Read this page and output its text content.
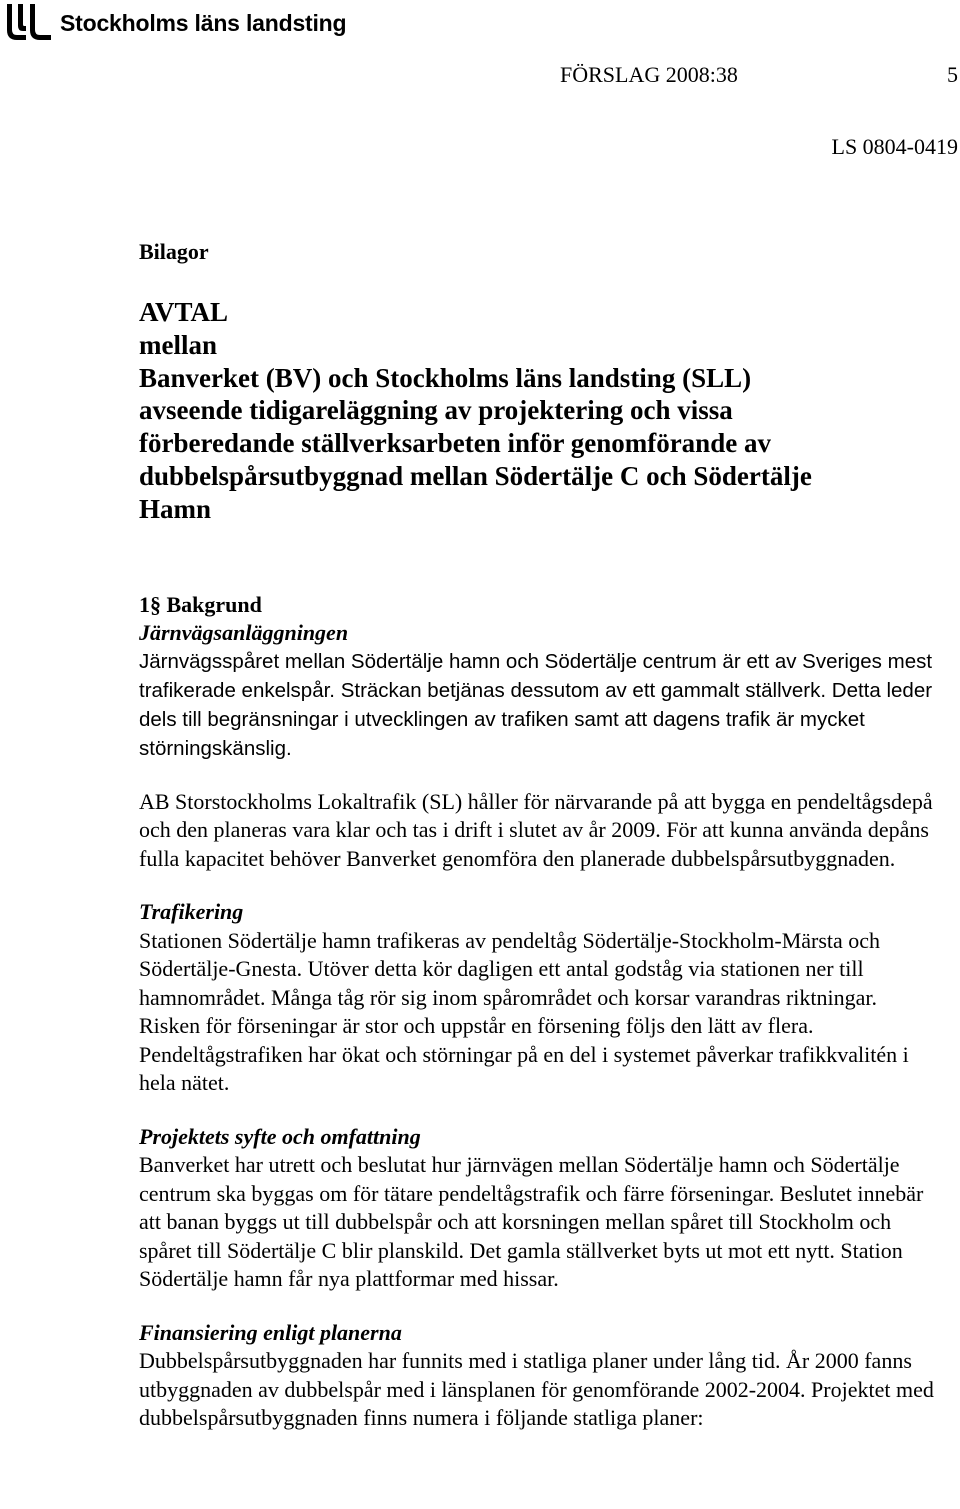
Stockholms läns landsting
FÖRSLAG 2008:38	5
LS 0804-0419
Bilagor
AVTAL
mellan
Banverket (BV) och Stockholms läns landsting (SLL)
avseende tidigareläggning av projektering och vissa
förberedande ställverksarbeten inför genomförande av
dubbelspårsutbyggnad mellan Södertälje C och Södertälje
Hamn
1§ Bakgrund
Järnvägsanläggningen

Järnvägsspåret mellan Södertälje hamn och Södertälje centrum är ett av Sveriges mest trafikerade enkelspår. Sträckan betjänas dessutom av ett gammalt ställverk. Detta leder dels till begränsningar i utvecklingen av trafiken samt att dagens trafik är mycket störningskänslig.

AB Storstockholms Lokaltrafik (SL) håller för närvarande på att bygga en pendeltågsdepå och den planeras vara klar och tas i drift i slutet av år 2009. För att kunna använda depåns fulla kapacitet behöver Banverket genomföra den planerade dubbelspårsutbyggnaden.

Trafikering

Stationen Södertälje hamn trafikeras av pendeltåg Södertälje-Stockholm-Märsta och Södertälje-Gnesta. Utöver detta kör dagligen ett antal godståg via stationen ner till hamnområdet. Många tåg rör sig inom spårområdet och korsar varandras riktningar. Risken för förseningar är stor och uppstår en försening följs den lätt av flera. Pendeltågstrafiken har ökat och störningar på en del i systemet påverkar trafikkvalitén i hela nätet.

Projektets syfte och omfattning

Banverket har utrett och beslutat hur järnvägen mellan Södertälje hamn och Södertälje centrum ska byggas om för tätare pendeltågstrafik och färre förseningar. Beslutet innebär att banan byggs ut till dubbelspår och att korsningen mellan spåret till Stockholm och spåret till Södertälje C blir planskild. Det gamla ställverket byts ut mot ett nytt. Station Södertälje hamn får nya plattformar med hissar.

Finansiering enligt planerna

Dubbelspårsutbyggnaden har funnits med i statliga planer under lång tid. År 2000 fanns utbyggnaden av dubbelspår med i länsplanen för genomförande 2002-2004. Projektet med dubbelspårsutbyggnaden finns numera i följande statliga planer:
